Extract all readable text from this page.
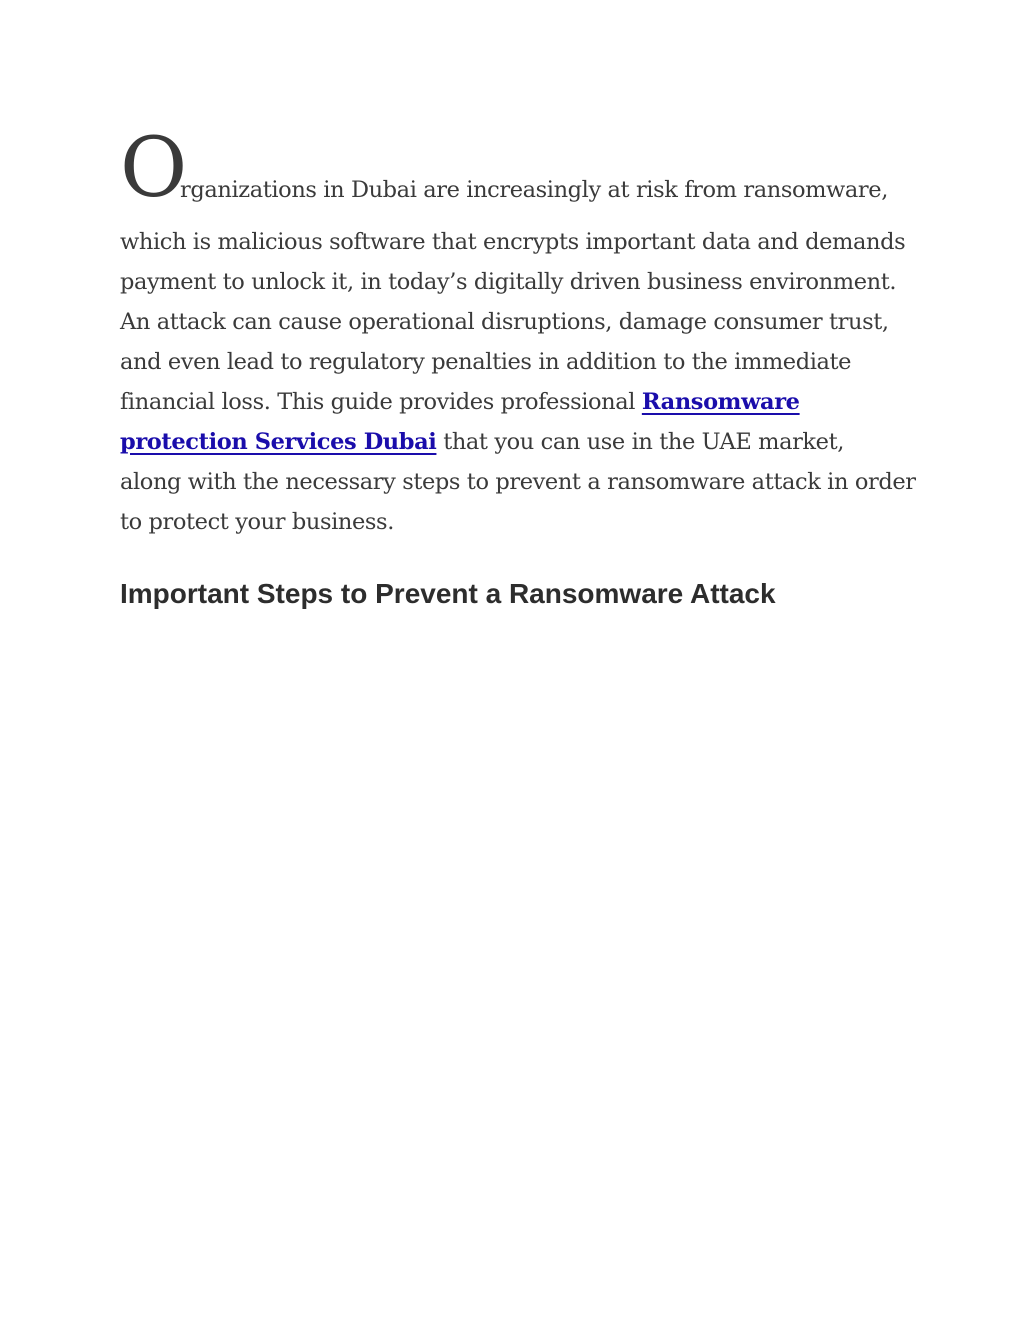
O
rganizations in Dubai are increasingly at risk from ransomware,
which is malicious software that encrypts important data and demands
payment to unlock it, in today’s digitally driven business environment.
An attack can cause operational disruptions, damage consumer trust,
and even lead to regulatory penalties in addition to the immediate
financial loss. This guide provides professional Ransomware
protection Services Dubai that you can use in the UAE market,
along with the necessary steps to prevent a ransomware attack in order
to protect your business.

Important Steps to Prevent a Ransomware Attack
